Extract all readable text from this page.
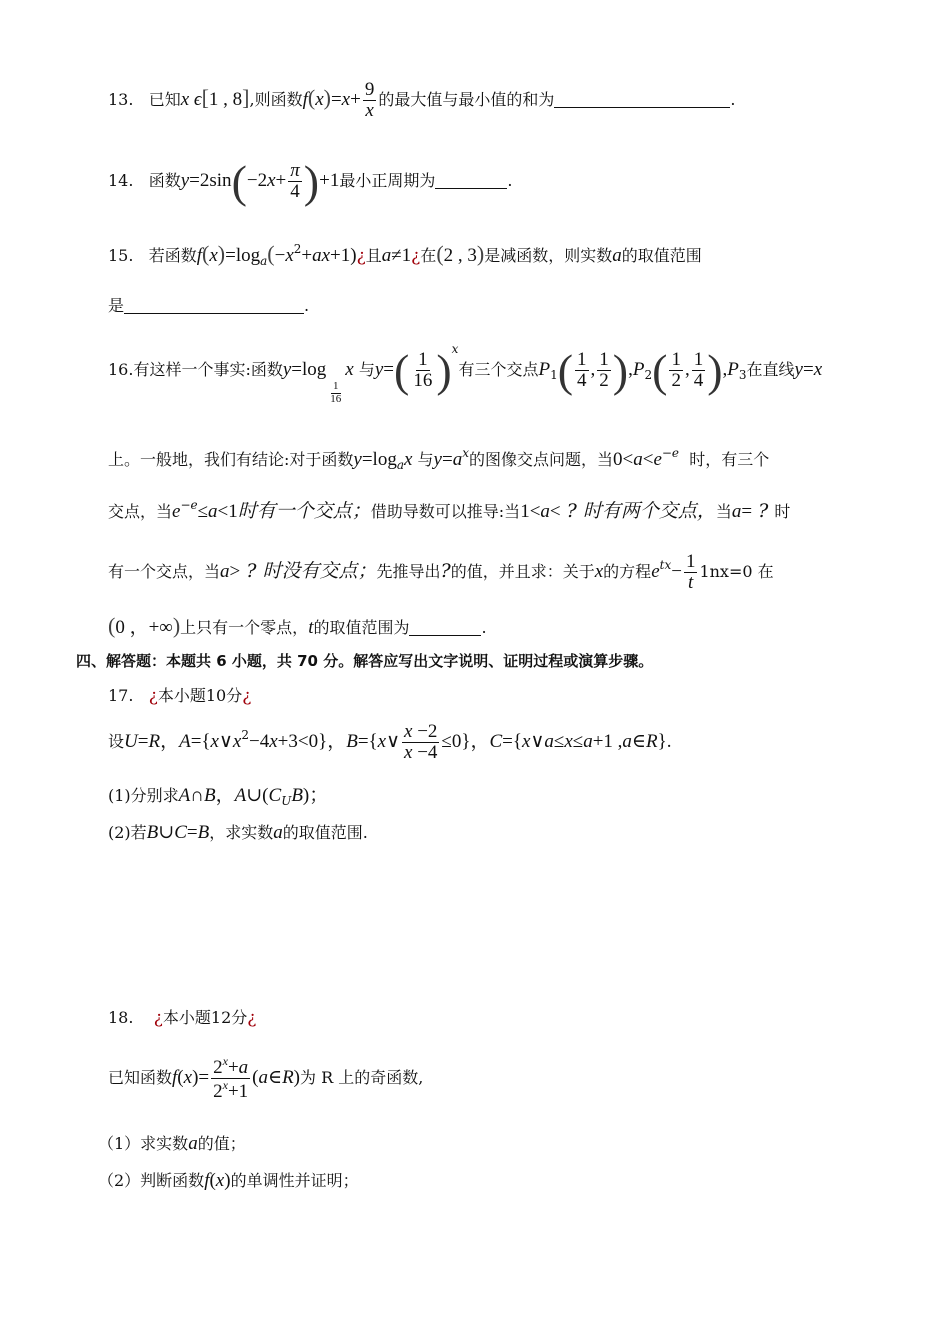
13. 已知x ϵ[1 , 8],则函数$f(x)=x+ \frac{9}{x}$ 的最大值与最小值的和为	.
14. 函数$y=2\sin(-2x+ \frac{\pi}{4} )+1$最小正周期为	.
15. 若函数$f(x)=\log_a(-x^2+ax+1)¿$且a≠1¿在(2 , 3)是减函数，则实数a的取值范围
是	.
16.有这样一个事实:函数y=log
$\frac{1}{16}$
x 与$y=( \frac{1}{16} )^x$有三个交点$P_1( \frac{1}{4}$ , $\frac{1}{2} ),P_2( \frac{1}{2}$ , $\frac{1}{4} ),P_3$在直线y=x
上。一般地，我们有结论:对于函数$y=\log_ax$ 与$y=a^x$的图像交点问题，当$0<a<e^{-e}$ 时，有三个
交点，当$e^{-e}\le a<1$时有一个交点；借助导数可以推导:当1<a< ? 时有两个交点，当a= ? 时
有一个交点，当a> ? 时没有交点；先推导出?的值，并且求：关于x的方程$e^{tx}- \frac{1}{t} 1nx=0$ 在
(0 ，+∞)上只有一个零点，t的取值范围为	.
四、解答题：本题共 6 小题，共 70 分。解答应写出文字说明、证明过程或演算步骤。
17. ¿本小题10分¿
设U=R，$A=\{x\vee x^2-4x+3<0\}$，B={x∨ $\frac{x -2}{x -4} \le 0$}，C={x∨a≤x≤a+1 ,a∈R}.
(1)分别求A∩B，$A\cup(C_UB)$；
(2)若B∪C=B，求实数a的取值范围.
18. ¿本小题12分¿
已知函数$f(x)= \frac{2^x+a}{2^x+1}$ (a∈R)为 R 上的奇函数,
（1）求实数a的值；
（2）判断函数f(x)的单调性并证明；
